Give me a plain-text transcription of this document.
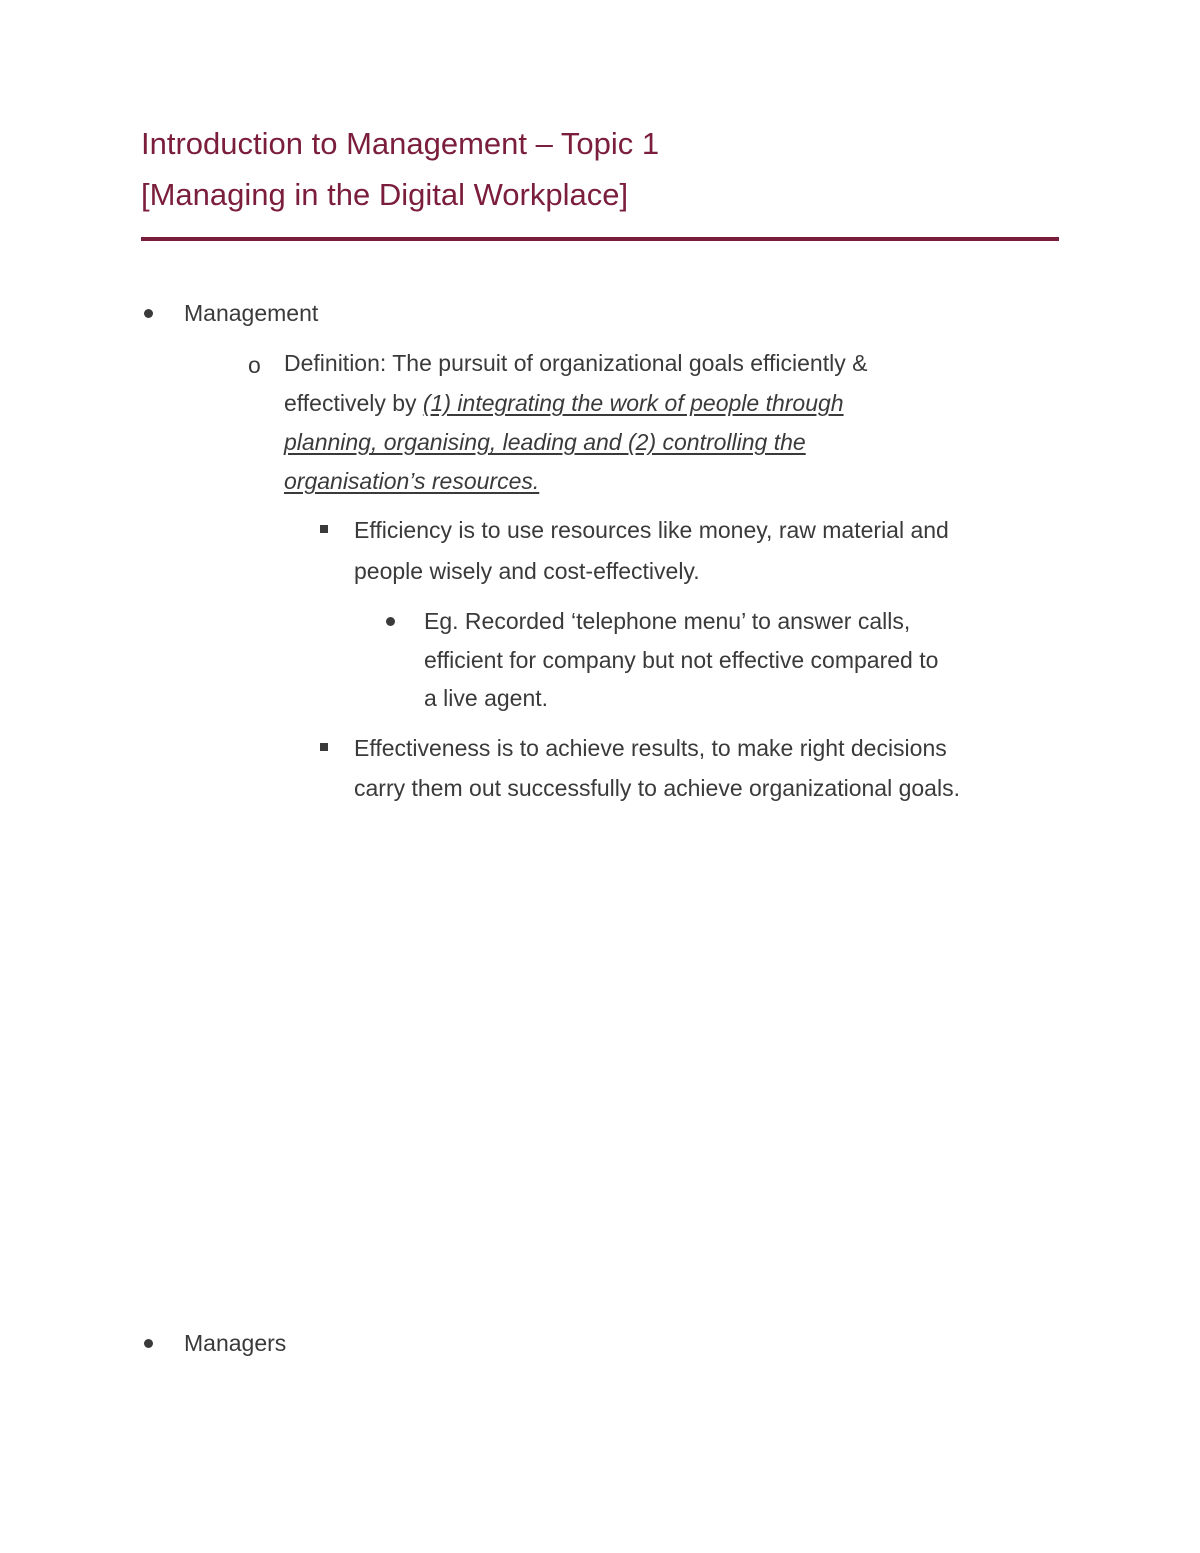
Introduction to Management – Topic 1
[Managing in the Digital Workplace]
Management
o Definition: The pursuit of organizational goals efficiently &
effectively by (1) integrating the work of people through
planning, organising, leading and (2) controlling the
organisation’s resources.
Efficiency is to use resources like money, raw material and
people wisely and cost-effectively.
Eg. Recorded ‘telephone menu’ to answer calls,
efficient for company but not effective compared to
a live agent.
Effectiveness is to achieve results, to make right decisions
carry them out successfully to achieve organizational goals.
Managers
